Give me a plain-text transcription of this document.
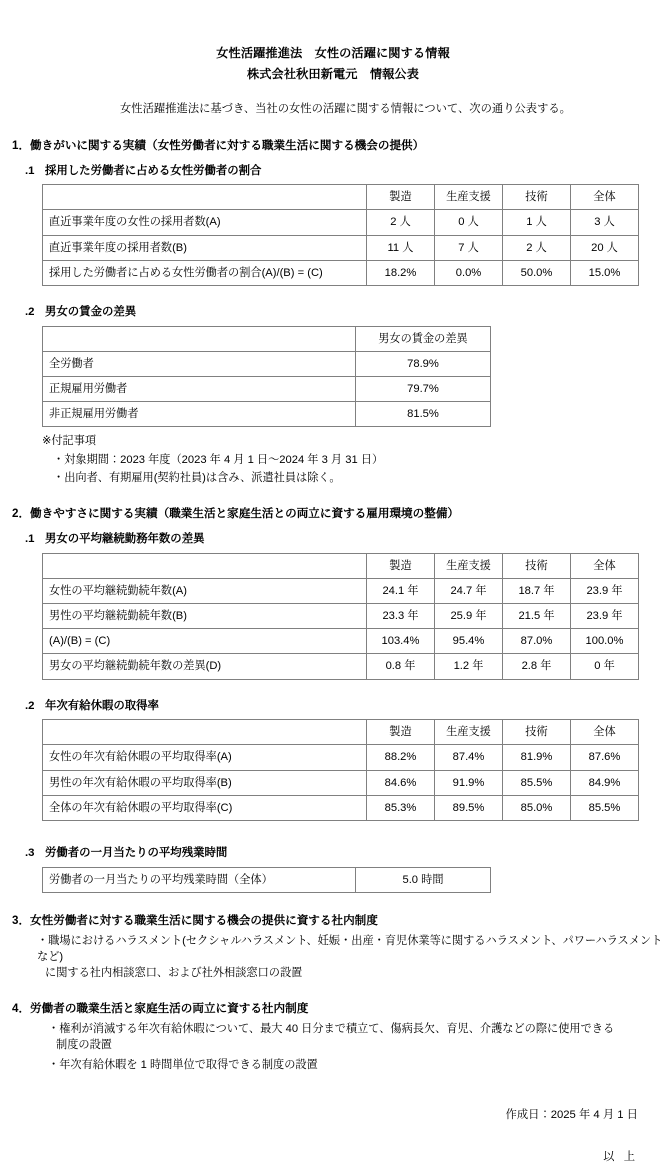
女性活躍推進法　女性の活躍に関する情報
株式会社秋田新電元　情報公表
女性活躍推進法に基づき、当社の女性の活躍に関する情報について、次の通り公表する。
1．働きがいに関する実績（女性労働者に対する職業生活に関する機会の提供）
.1 採用した労働者に占める女性労働者の割合
	製造	生産支援	技術	全体
直近事業年度の女性の採用者数(A)	2 人	0 人	1 人	3 人
直近事業年度の採用者数(B)	11 人	7 人	2 人	20 人
採用した労働者に占める女性労働者の割合(A)/(B) = (C)	18.2%	0.0%	50.0%	15.0%
.2 男女の賃金の差異
	男女の賃金の差異
全労働者	78.9%
正規雇用労働者	79.7%
非正規雇用労働者	81.5%
※付記事項
・対象期間：2023 年度（2023 年 4 月 1 日～2024 年 3 月 31 日）
・出向者、有期雇用(契約社員)は含み、派遣社員は除く。
2．働きやすさに関する実績（職業生活と家庭生活との両立に資する雇用環境の整備）
.1 男女の平均継続勤務年数の差異
	製造	生産支援	技術	全体
女性の平均継続勤続年数(A)	24.1 年	24.7 年	18.7 年	23.9 年
男性の平均継続勤続年数(B)	23.3 年	25.9 年	21.5 年	23.9 年
(A)/(B) = (C)	103.4%	95.4%	87.0%	100.0%
男女の平均継続勤続年数の差異(D)	0.8 年	1.2 年	2.8 年	0 年
.2 年次有給休暇の取得率
	製造	生産支援	技術	全体
女性の年次有給休暇の平均取得率(A)	88.2%	87.4%	81.9%	87.6%
男性の年次有給休暇の平均取得率(B)	84.6%	91.9%	85.5%	84.9%
全体の年次有給休暇の平均取得率(C)	85.3%	89.5%	85.0%	85.5%
.3 労働者の一月当たりの平均残業時間
労働者の一月当たりの平均残業時間（全体）	5.0 時間
3．女性労働者に対する職業生活に関する機会の提供に資する社内制度
・職場におけるハラスメント(セクシャルハラスメント、妊娠・出産・育児休業等に関するハラスメント、パワーハラスメントなど)
に関する社内相談窓口、および社外相談窓口の設置
4．労働者の職業生活と家庭生活の両立に資する社内制度
・権利が消滅する年次有給休暇について、最大 40 日分まで積立て、傷病長欠、育児、介護などの際に使用できる
制度の設置
・年次有給休暇を 1 時間単位で取得できる制度の設置
作成日：2025 年 4 月 1 日
以 上
